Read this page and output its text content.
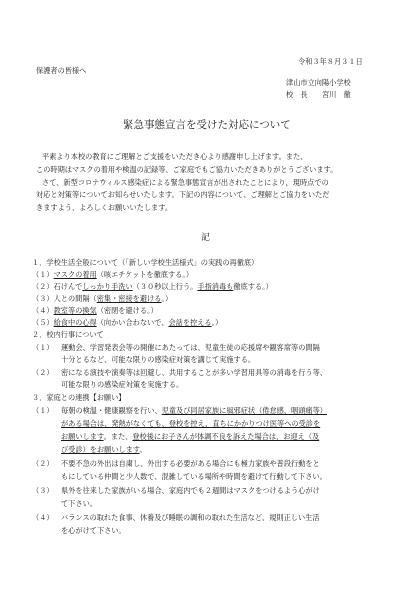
令和３年８月３１日
保護者の皆様へ
津山市立向陽小学校
校　長　　宮川　徹
緊急事態宣言を受けた対応について
平素より本校の教育にご理解とご支援をいただき心より感謝申し上げます。また、
この時期はマスクの着用や検温の記録等、ご家庭でもご協力いただきありがとうございます。
さて、新型コロナウィルス感染症による緊急事態宣言が出されたことにより，現時点での
対応と対策等についてお知らせいたします。下記の内容について、ご理解とご協力をいただ
きますよう、よろしくお願いいたします。
記
１．学校生活全般について（「新しい学校生活様式」の実践の再徹底）
（１）マスクの着用（咳エチケットを徹底する。）
（２）石けんでしっかり手洗い（３０秒以上行う。手指消毒も徹底する。）
（３）人との間隔（密集・密接を避ける。）
（４）教室等の換気（密閉を避ける。）
（５）給食中の心得（向かい合わないで、会話を控える。）
２．校内行事について
（１） 運動会、学習発表会等の開催にあたっては、児童生徒の応援席や観客席等の間隔
十分とるなど、可能な限りの感染症対策を講じて実施する。
（２） 密になる演技や演奏等は回避し、共用することが多い学習用具等の消毒を行う等、
可能な限りの感染症対策を実施する。
３．家庭との連携【お願い】
（１） 毎朝の検温・健康観察を行い、児童及び同居家族に風邪症状（倦怠感、咽頭痛等）
がある場合は、発熱がなくても、登校を控え，直ちにかかりつけ医等への受診を
お願いします。また、登校後にお子さんが体調不良を訴えた場合は，お迎え（及
び受診）をお願いします。
（２） 不要不急の外出は自粛し、外出する必要がある場合にも極力家族や普段行動をと
もにしている仲間と少人数で、混雑している場所や時間を避けて行動して下さい。
（３） 県外を往来した家族がいる場合、家庭内でも２週間はマスクをつけるよう心がけ
て下さい。
（４） バランスの取れた食事、休養及び睡眠の調和の取れた生活など、規則正しい生活
を心がけて下さい。
